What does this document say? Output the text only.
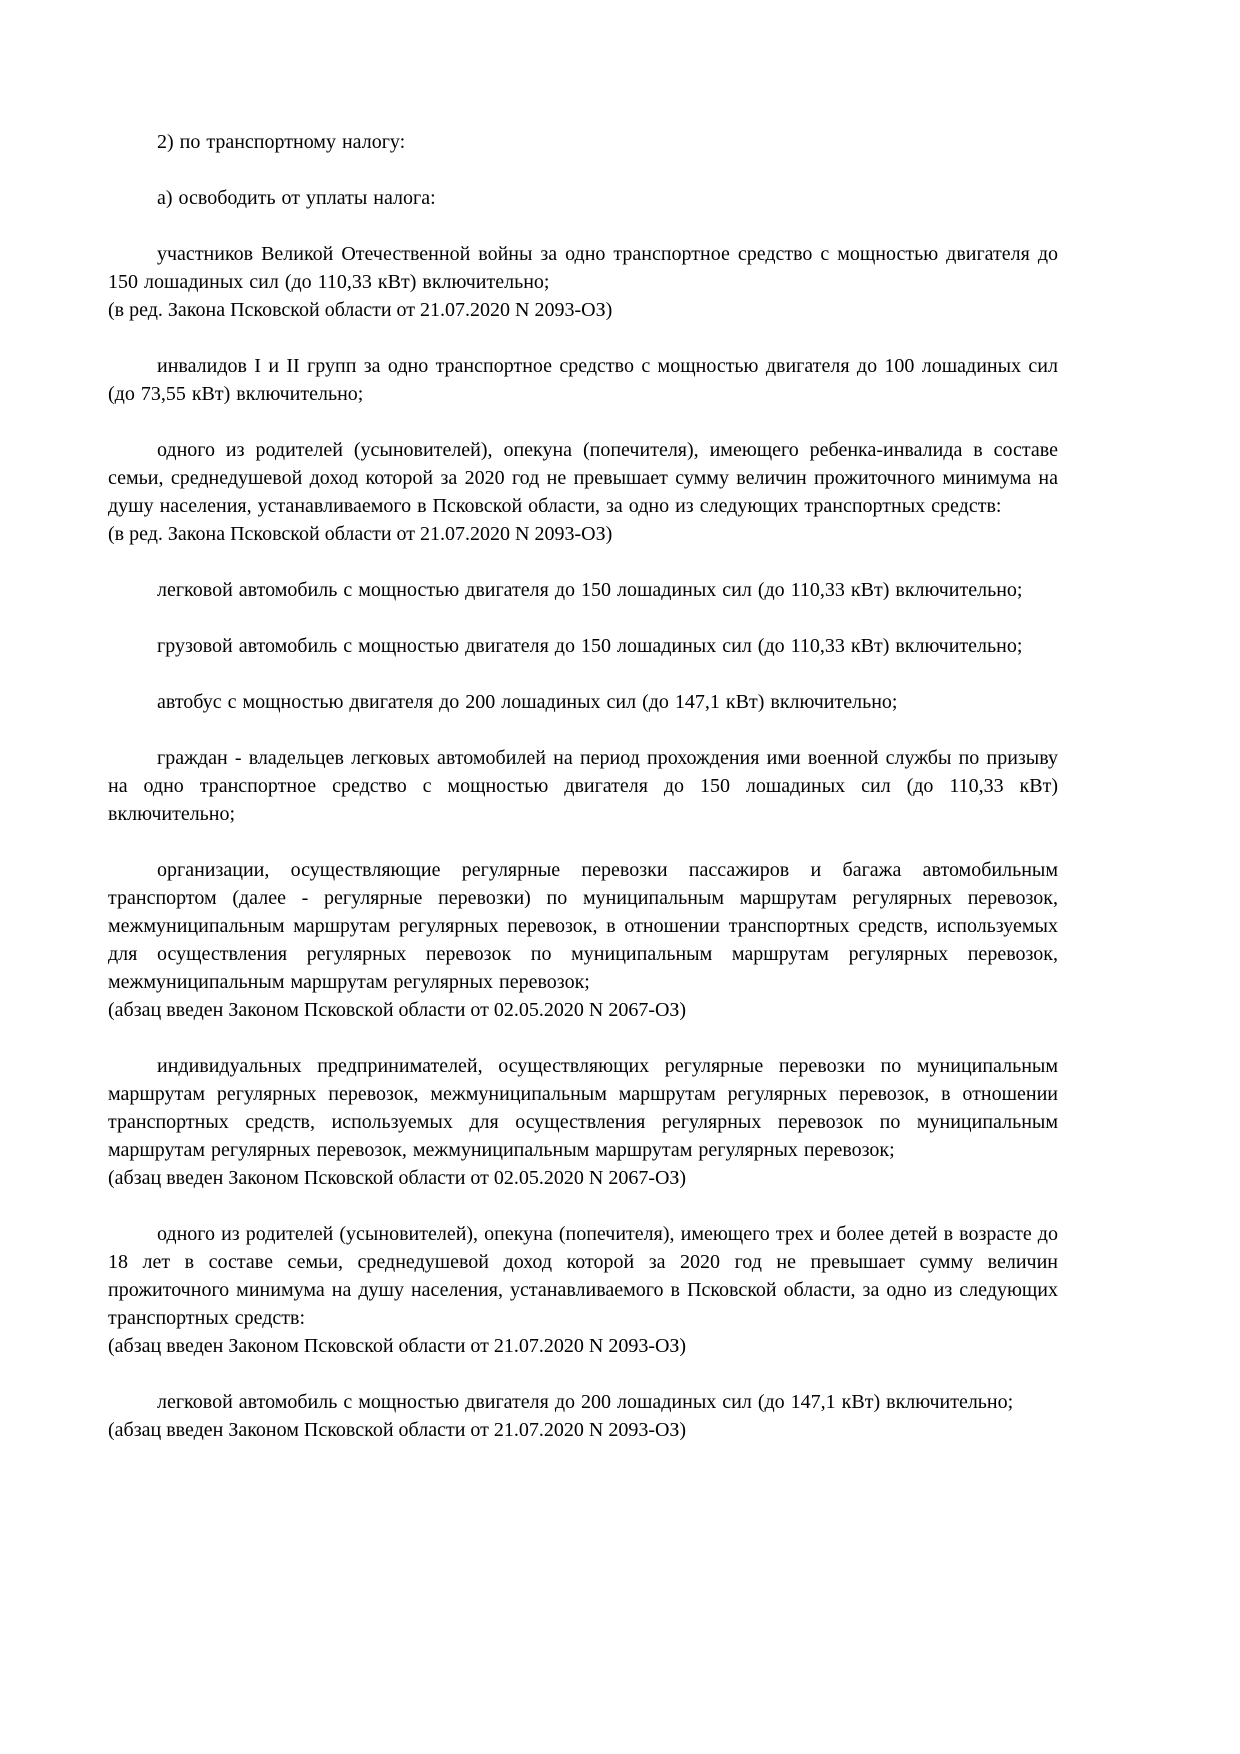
2) по транспортному налогу:

а) освободить от уплаты налога:

участников Великой Отечественной войны за одно транспортное средство с мощностью двигателя до 150 лошадиных сил (до 110,33 кВт) включительно;

(в ред. Закона Псковской области от 21.07.2020 N 2093-ОЗ)

инвалидов I и II групп за одно транспортное средство с мощностью двигателя до 100 лошадиных сил (до 73,55 кВт) включительно;

одного из родителей (усыновителей), опекуна (попечителя), имеющего ребенка-инвалида в составе семьи, среднедушевой доход которой за 2020 год не превышает сумму величин прожиточного минимума на душу населения, устанавливаемого в Псковской области, за одно из следующих транспортных средств:

(в ред. Закона Псковской области от 21.07.2020 N 2093-ОЗ)

легковой автомобиль с мощностью двигателя до 150 лошадиных сил (до 110,33 кВт) включительно;

грузовой автомобиль с мощностью двигателя до 150 лошадиных сил (до 110,33 кВт) включительно;

автобус с мощностью двигателя до 200 лошадиных сил (до 147,1 кВт) включительно;

граждан - владельцев легковых автомобилей на период прохождения ими военной службы по призыву на одно транспортное средство с мощностью двигателя до 150 лошадиных сил (до 110,33 кВт) включительно;

организации, осуществляющие регулярные перевозки пассажиров и багажа автомобильным транспортом (далее - регулярные перевозки) по муниципальным маршрутам регулярных перевозок, межмуниципальным маршрутам регулярных перевозок, в отношении транспортных средств, используемых для осуществления регулярных перевозок по муниципальным маршрутам регулярных перевозок, межмуниципальным маршрутам регулярных перевозок;

(абзац введен Законом Псковской области от 02.05.2020 N 2067-ОЗ)

индивидуальных предпринимателей, осуществляющих регулярные перевозки по муниципальным маршрутам регулярных перевозок, межмуниципальным маршрутам регулярных перевозок, в отношении транспортных средств, используемых для осуществления регулярных перевозок по муниципальным маршрутам регулярных перевозок, межмуниципальным маршрутам регулярных перевозок;

(абзац введен Законом Псковской области от 02.05.2020 N 2067-ОЗ)

одного из родителей (усыновителей), опекуна (попечителя), имеющего трех и более детей в возрасте до 18 лет в составе семьи, среднедушевой доход которой за 2020 год не превышает сумму величин прожиточного минимума на душу населения, устанавливаемого в Псковской области, за одно из следующих транспортных средств:

(абзац введен Законом Псковской области от 21.07.2020 N 2093-ОЗ)

легковой автомобиль с мощностью двигателя до 200 лошадиных сил (до 147,1 кВт) включительно;

(абзац введен Законом Псковской области от 21.07.2020 N 2093-ОЗ)
